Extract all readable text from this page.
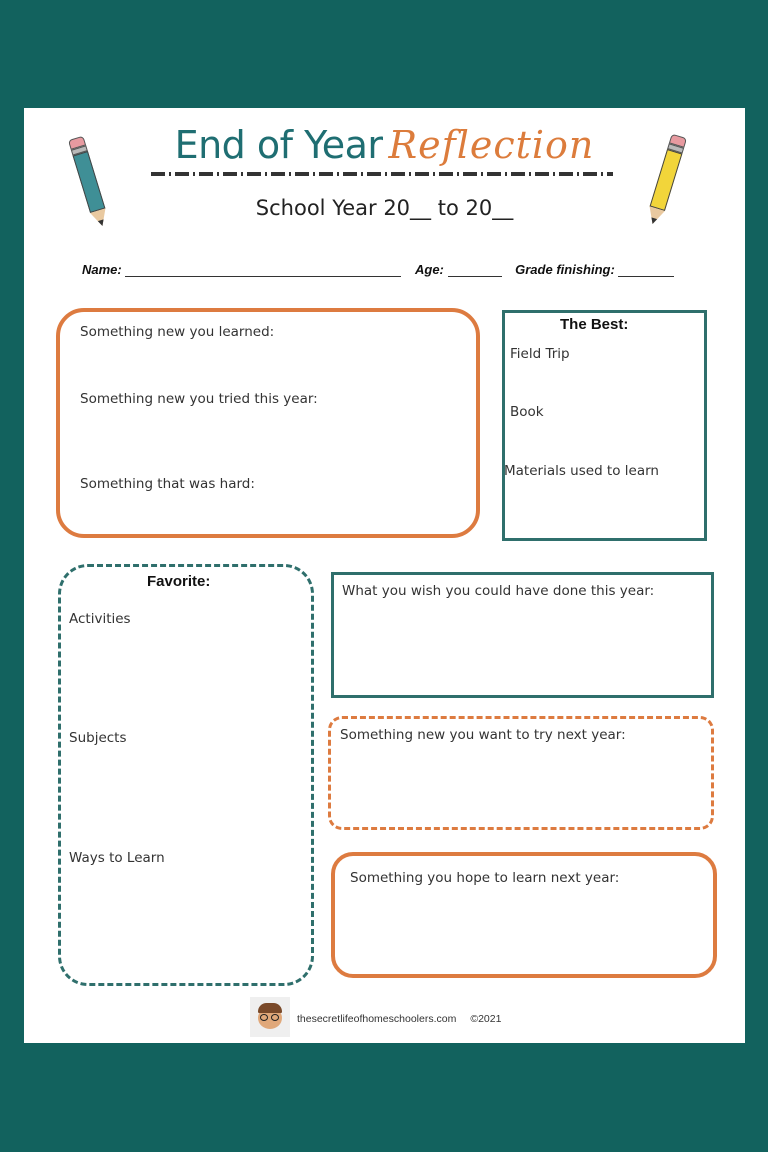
End of Year Reflection
School Year 20__ to 20__
Name:	Age:	Grade finishing:
Something new you learned:
Something new you tried this year:
Something that was hard:
The Best:
Field Trip
Book
Materials used to learn
Favorite:
Activities
Subjects
Ways to Learn
What you wish you could have done this year:
Something new you want to try next year:
Something you hope to learn next year:
thesecretlifeofhomeschoolers.com ©2021
